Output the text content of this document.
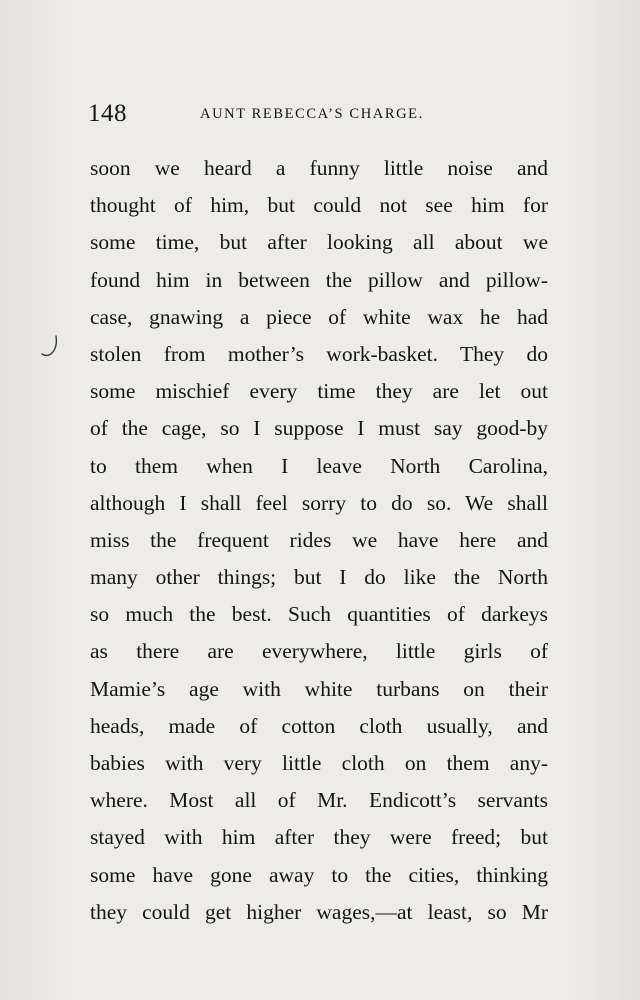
148	AUNT REBECCA’S CHARGE.
soon we heard a funny little noise and
thought of him, but could not see him for
some time, but after looking all about we
found him in between the pillow and pillow-
case, gnawing a piece of white wax he had
stolen from mother’s work-basket. They do
some mischief every time they are let out
of the cage, so I suppose I must say good-by
to them when I leave North Carolina,
although I shall feel sorry to do so. We shall
miss the frequent rides we have here and
many other things; but I do like the North
so much the best. Such quantities of darkeys
as there are everywhere, little girls of
Mamie’s age with white turbans on their
heads, made of cotton cloth usually, and
babies with very little cloth on them any-
where. Most all of Mr. Endicott’s servants
stayed with him after they were freed; but
some have gone away to the cities, thinking
they could get higher wages,—at least, so Mr
